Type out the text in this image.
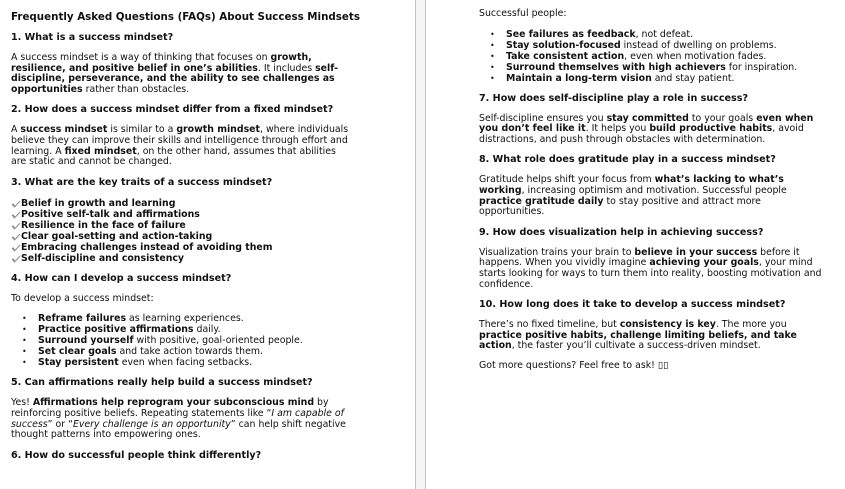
Frequently Asked Questions (FAQs) About Success Mindsets
1. What is a success mindset?

A success mindset is a way of thinking that focuses on growth, resilience, and positive belief in one’s abilities. It includes self-discipline, perseverance, and the ability to see challenges as opportunities rather than obstacles.

2. How does a success mindset differ from a fixed mindset?

A success mindset is similar to a growth mindset, where individuals believe they can improve their skills and intelligence through effort and learning. A fixed mindset, on the other hand, assumes that abilities are static and cannot be changed.

3. What are the key traits of a success mindset?
Belief in growth and learning
Positive self-talk and affirmations
Resilience in the face of failure
Clear goal-setting and action-taking
Embracing challenges instead of avoiding them
Self-discipline and consistency
4. How can I develop a success mindset?

To develop a success mindset:

• Reframe failures as learning experiences.
• Practice positive affirmations daily.
• Surround yourself with positive, goal-oriented people.
• Set clear goals and take action towards them.
• Stay persistent even when facing setbacks.
5. Can affirmations really help build a success mindset?

Yes! Affirmations help reprogram your subconscious mind by reinforcing positive beliefs. Repeating statements like “I am capable of success” or “Every challenge is an opportunity” can help shift negative thought patterns into empowering ones.

6. How do successful people think differently?

Successful people:

• See failures as feedback, not defeat.
• Stay solution-focused instead of dwelling on problems.
• Take consistent action, even when motivation fades.
• Surround themselves with high achievers for inspiration.
• Maintain a long-term vision and stay patient.
7. How does self-discipline play a role in success?

Self-discipline ensures you stay committed to your goals even when you don’t feel like it. It helps you build productive habits, avoid distractions, and push through obstacles with determination.

8. What role does gratitude play in a success mindset?

Gratitude helps shift your focus from what’s lacking to what’s working, increasing optimism and motivation. Successful people practice gratitude daily to stay positive and attract more opportunities.

9. How does visualization help in achieving success?

Visualization trains your brain to believe in your success before it happens. When you vividly imagine achieving your goals, your mind starts looking for ways to turn them into reality, boosting motivation and confidence.

10. How long does it take to develop a success mindset?

There’s no fixed timeline, but consistency is key. The more you practice positive habits, challenge limiting beliefs, and take action, the faster you’ll cultivate a success-driven mindset.

Got more questions? Feel free to ask! ▯▯
